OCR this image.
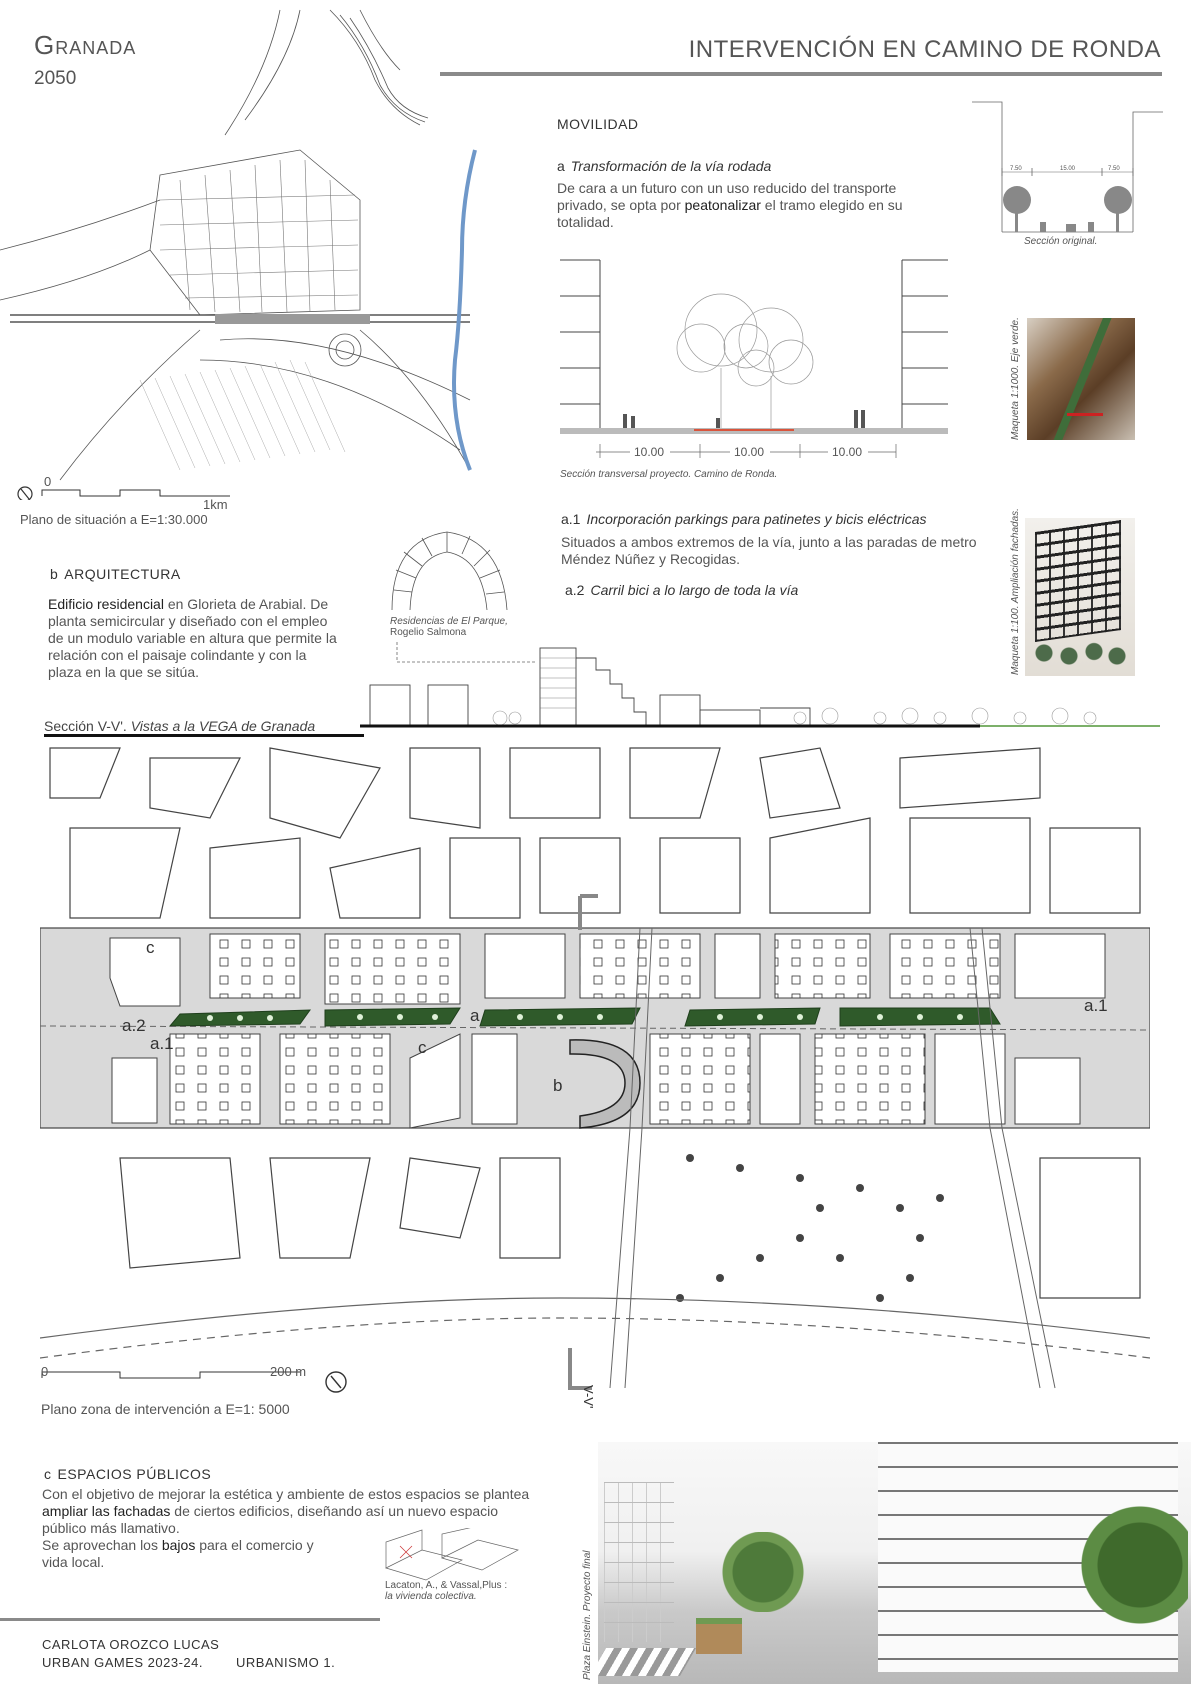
Granada
2050
INTERVENCIÓN EN CAMINO DE RONDA
0
1km
Plano de situación a E=1:30.000
MOVILIDAD
a Transformación de la vía rodada
De cara a un futuro con un uso reducido del transporte privado, se opta por peatonalizar el tramo elegido en su totalidad.
7.50	15.00	7.50
Sección original.
10.00	10.00	10.00
Sección transversal proyecto. Camino de Ronda.
Maqueta 1:1000. Eje verde.
a.1 Incorporación parkings para patinetes y bicis eléctricas
Situados a ambos extremos de la vía, junto a las paradas de metro Méndez Núñez y Recogidas.
a.2 Carril bici a lo largo de toda la vía	Maqueta 1:100. Ampliación fachadas.
b ARQUITECTURA
Edificio residencial en Glorieta de Arabial. De planta semicircular y diseñado con el empleo de un modulo variable en altura que permite la relación con el paisaje colindante y con la plaza en la que se sitúa.
Residencias de El Parque,
Rogelio Salmona
Sección V-V'. Vistas a la VEGA de Granada
c
a.2
a.1
a
c
b
a.1
0	200 m
Plano zona de intervención a E=1: 5000
V-V'
c ESPACIOS PÚBLICOS
Con el objetivo de mejorar la estética y ambiente de estos espacios se plantea ampliar las fachadas de ciertos edificios, diseñando así un nuevo espacio público más llamativo.
Se aprovechan los bajos para el comercio y vida local.
Lacaton, A., & Vassal,Plus :
la vivienda colectiva.	Plaza Einstein. Proyecto final
CARLOTA OROZCO LUCAS
URBAN GAMES 2023-24.	URBANISMO 1.
